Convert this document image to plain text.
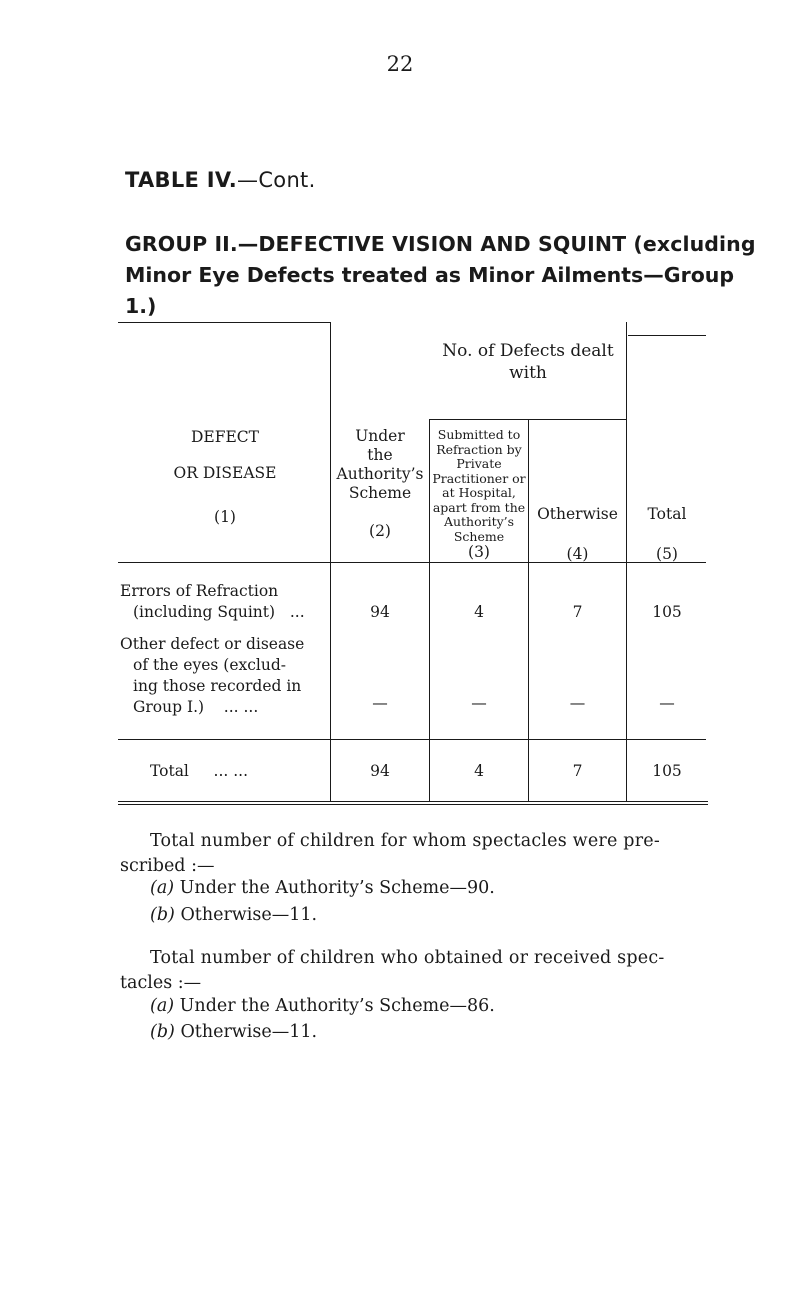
22
TABLE IV.—Cont.
GROUP II.—DEFECTIVE VISION AND SQUINT (excluding
Minor Eye Defects treated as Minor Ailments—Group 1.)
No. of Defects dealt with
DEFECT
OR DISEASE
(1)
Under
the
Authority’s
Scheme
(2)
Submitted to
Refraction by
Private
Practitioner or
at Hospital,
apart from the
Authority’s
Scheme
(3)
Otherwise
(4)
Total
(5)
Errors of Refraction
(including Squint) ...	94	4	7	105
Other defect or disease
of the eyes (exclud-
ing those recorded in
Group I.) ... ...	—	—	—	—
Total ... ...	94	4	7	105
Total number of children for whom spectacles were pre-
scribed :—
(a) Under the Authority’s Scheme—90.
(b) Otherwise—11.
Total number of children who obtained or received spec-
tacles :—
(a) Under the Authority’s Scheme—86.
(b) Otherwise—11.
